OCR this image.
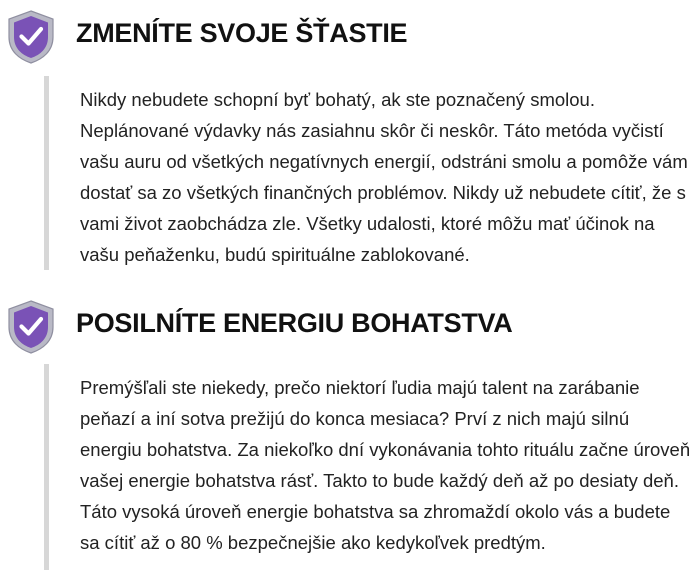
ZMENÍTE SVOJE ŠŤASTIE

Nikdy nebudete schopní byť bohatý, ak ste poznačený smolou. Neplánované výdavky nás zasiahnu skôr či neskôr. Táto metóda vyčistí vašu auru od všetkých negatívnych energií, odstráni smolu a pomôže vám dostať sa zo všetkých finančných problémov. Nikdy už nebudete cítiť, že s vami život zaobchádza zle. Všetky udalosti, ktoré môžu mať účinok na vašu peňaženku, budú spirituálne zablokované.

POSILNÍTE ENERGIU BOHATSTVA

Premýšľali ste niekedy, prečo niektorí ľudia majú talent na zarábanie peňazí a iní sotva prežijú do konca mesiaca? Prví z nich majú silnú energiu bohatstva. Za niekoľko dní vykonávania tohto rituálu začne úroveň vašej energie bohatstva rásť. Takto to bude každý deň až po desiaty deň. Táto vysoká úroveň energie bohatstva sa zhromaždí okolo vás a budete sa cítiť až o 80 % bezpečnejšie ako kedykoľvek predtým.
